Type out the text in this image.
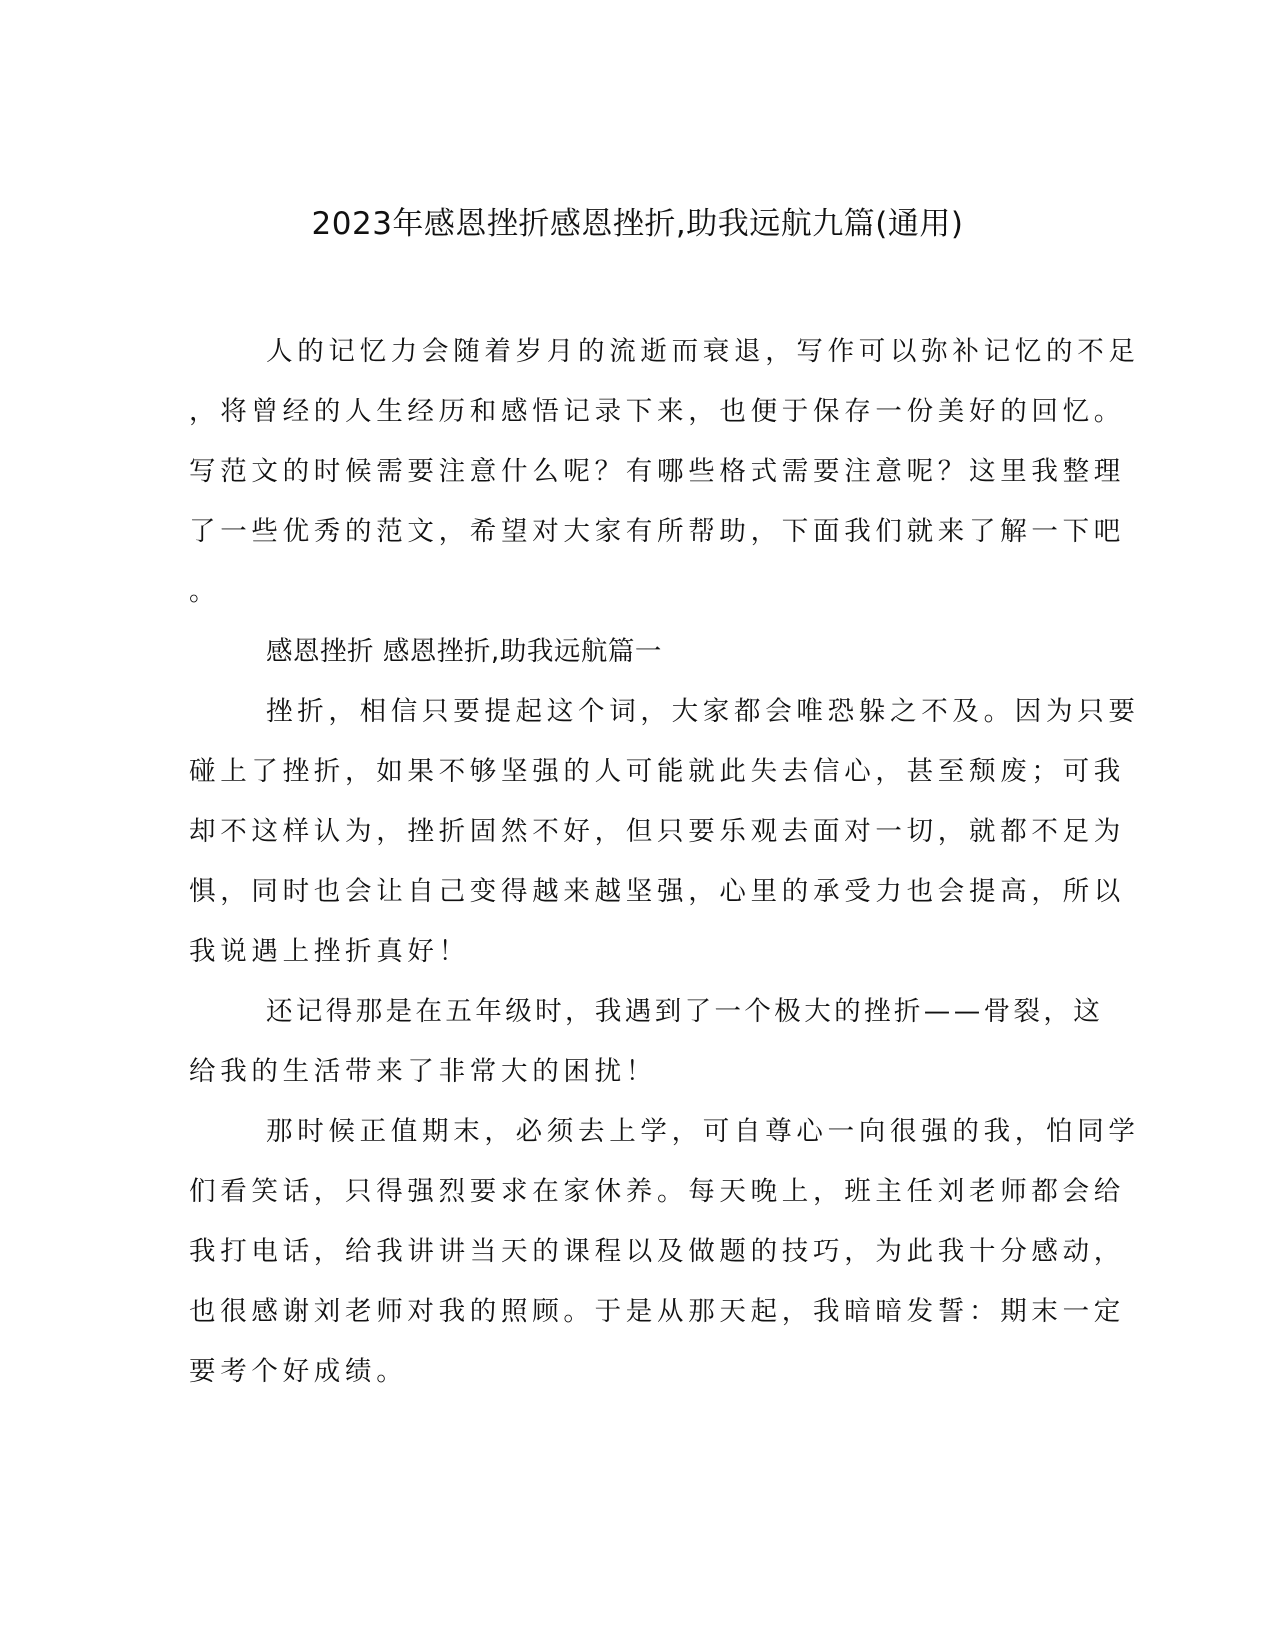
2023年感恩挫折感恩挫折,助我远航九篇(通用)
人的记忆力会随着岁月的流逝而衰退，写作可以弥补记忆的不足
，将曾经的人生经历和感悟记录下来，也便于保存一份美好的回忆。
写范文的时候需要注意什么呢？有哪些格式需要注意呢？这里我整理
了一些优秀的范文，希望对大家有所帮助，下面我们就来了解一下吧
。
感恩挫折 感恩挫折,助我远航篇一
挫折，相信只要提起这个词，大家都会唯恐躲之不及。因为只要
碰上了挫折，如果不够坚强的人可能就此失去信心，甚至颓废；可我
却不这样认为，挫折固然不好，但只要乐观去面对一切，就都不足为
惧，同时也会让自己变得越来越坚强，心里的承受力也会提高，所以
我说遇上挫折真好！
还记得那是在五年级时，我遇到了一个极大的挫折——骨裂，这
给我的生活带来了非常大的困扰！
那时候正值期末，必须去上学，可自尊心一向很强的我，怕同学
们看笑话，只得强烈要求在家休养。每天晚上，班主任刘老师都会给
我打电话，给我讲讲当天的课程以及做题的技巧，为此我十分感动，
也很感谢刘老师对我的照顾。于是从那天起，我暗暗发誓：期末一定
要考个好成绩。
